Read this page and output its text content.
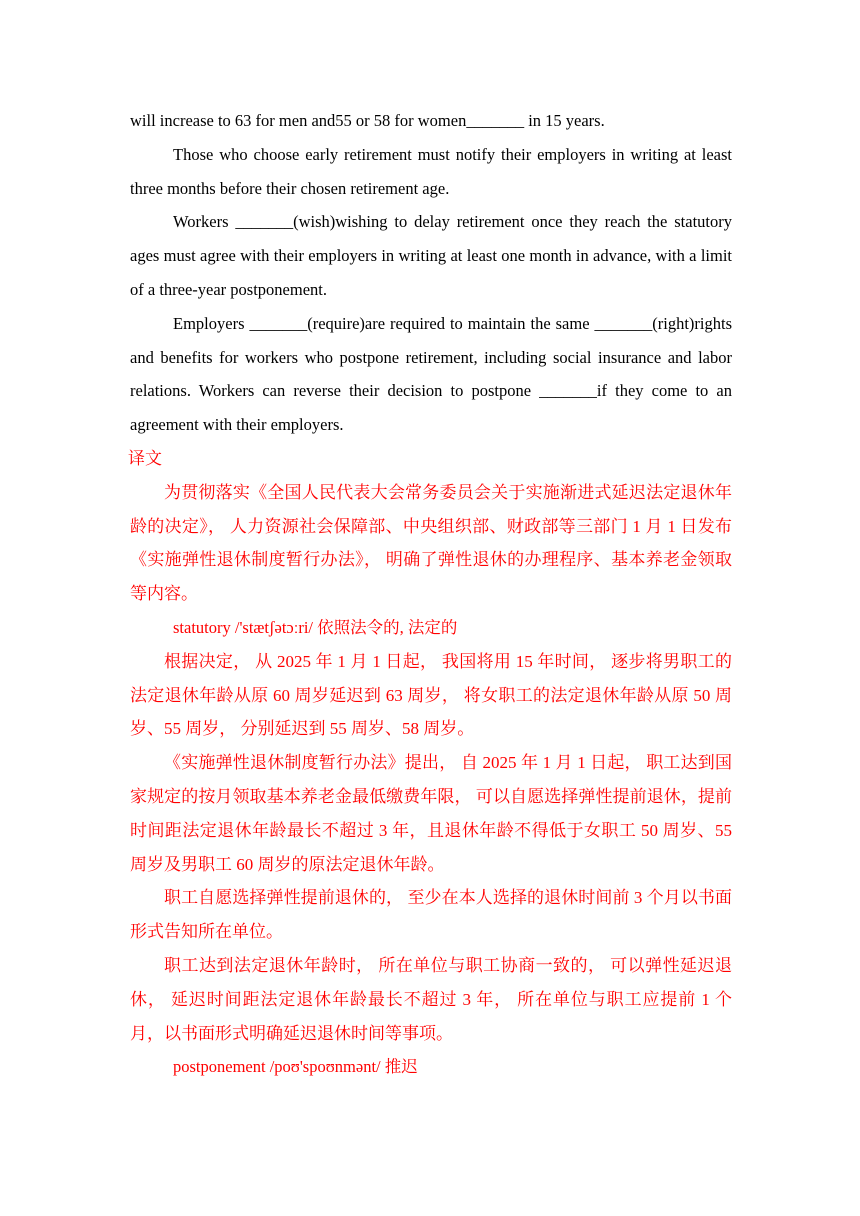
will increase to 63 for men and55 or 58 for women_______ in 15 years.

Those who choose early retirement must notify their employers in writing at least three months before their chosen retirement age.

Workers _______(wish)wishing to delay retirement once they reach the statutory ages must agree with their employers in writing at least one month in advance, with a limit of a three-year postponement.

Employers _______(require)are required to maintain the same _______(right)rights and benefits for workers who postpone retirement, including social insurance and labor relations. Workers can reverse their decision to postpone _______if they come to an agreement with their employers.

译文

为贯彻落实《全国人民代表大会常务委员会关于实施渐进式延迟法定退休年龄的决定》， 人力资源社会保障部、中央组织部、财政部等三部门 1 月 1 日发布《实施弹性退休制度暂行办法》， 明确了弹性退休的办理程序、基本养老金领取等内容。

statutory /'stætʃətɔːri/ 依照法令的, 法定的

根据决定， 从 2025 年 1 月 1 日起， 我国将用 15 年时间， 逐步将男职工的法定退休年龄从原 60 周岁延迟到 63 周岁， 将女职工的法定退休年龄从原 50 周岁、55 周岁， 分别延迟到 55 周岁、58 周岁。

《实施弹性退休制度暂行办法》提出， 自 2025 年 1 月 1 日起， 职工达到国家规定的按月领取基本养老金最低缴费年限， 可以自愿选择弹性提前退休，提前时间距法定退休年龄最长不超过 3 年，且退休年龄不得低于女职工 50 周岁、55 周岁及男职工 60 周岁的原法定退休年龄。

职工自愿选择弹性提前退休的， 至少在本人选择的退休时间前 3 个月以书面形式告知所在单位。

职工达到法定退休年龄时， 所在单位与职工协商一致的， 可以弹性延迟退休， 延迟时间距法定退休年龄最长不超过 3 年， 所在单位与职工应提前 1 个月，以书面形式明确延迟退休时间等事项。

postponement /poʊ'spoʊnmənt/ 推迟
